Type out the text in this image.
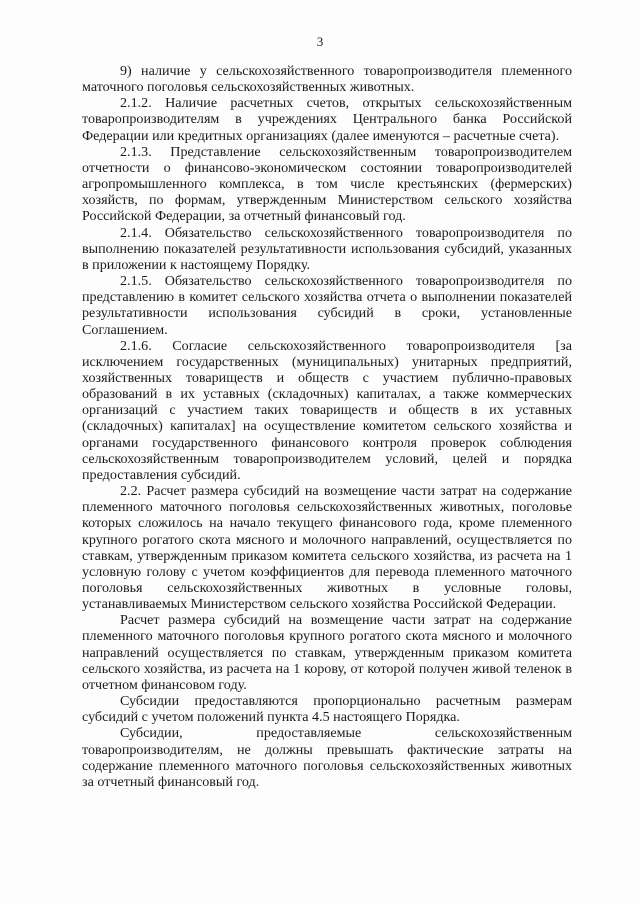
3

9) наличие у сельскохозяйственного товаропроизводителя племенного маточного поголовья сельскохозяйственных животных.

2.1.2. Наличие расчетных счетов, открытых сельскохозяйственным товаропроизводителям в учреждениях Центрального банка Российской Федерации или кредитных организациях (далее именуются – расчетные счета).

2.1.3. Представление сельскохозяйственным товаропроизводителем отчетности о финансово-экономическом состоянии товаропроизводителей агропромышленного комплекса, в том числе крестьянских (фермерских) хозяйств, по формам, утвержденным Министерством сельского хозяйства Российской Федерации, за отчетный финансовый год.

2.1.4. Обязательство сельскохозяйственного товаропроизводителя по выполнению показателей результативности использования субсидий, указанных в приложении к настоящему Порядку.

2.1.5. Обязательство сельскохозяйственного товаропроизводителя по представлению в комитет сельского хозяйства отчета о выполнении показателей результативности использования субсидий в сроки, установленные Соглашением.

2.1.6. Согласие сельскохозяйственного товаропроизводителя [за исключением государственных (муниципальных) унитарных предприятий, хозяйственных товариществ и обществ с участием публично-правовых образований в их уставных (складочных) капиталах, а также коммерческих организаций с участием таких товариществ и обществ в их уставных (складочных) капиталах] на осуществление комитетом сельского хозяйства и органами государственного финансового контроля проверок соблюдения сельскохозяйственным товаропроизводителем условий, целей и порядка предоставления субсидий.

2.2. Расчет размера субсидий на возмещение части затрат на содержание племенного маточного поголовья сельскохозяйственных животных, поголовье которых сложилось на начало текущего финансового года, кроме племенного крупного рогатого скота мясного и молочного направлений, осуществляется по ставкам, утвержденным приказом комитета сельского хозяйства, из расчета на 1 условную голову с учетом коэффициентов для перевода племенного маточного поголовья сельскохозяйственных животных в условные головы, устанавливаемых Министерством сельского хозяйства Российской Федерации.

Расчет размера субсидий на возмещение части затрат на содержание племенного маточного поголовья крупного рогатого скота мясного и молочного направлений осуществляется по ставкам, утвержденным приказом комитета сельского хозяйства, из расчета на 1 корову, от которой получен живой теленок в отчетном финансовом году.

Субсидии предоставляются пропорционально расчетным размерам субсидий с учетом положений пункта 4.5 настоящего Порядка.

Субсидии, предоставляемые сельскохозяйственным товаропроизводителям, не должны превышать фактические затраты на содержание племенного маточного поголовья сельскохозяйственных животных за отчетный финансовый год.
